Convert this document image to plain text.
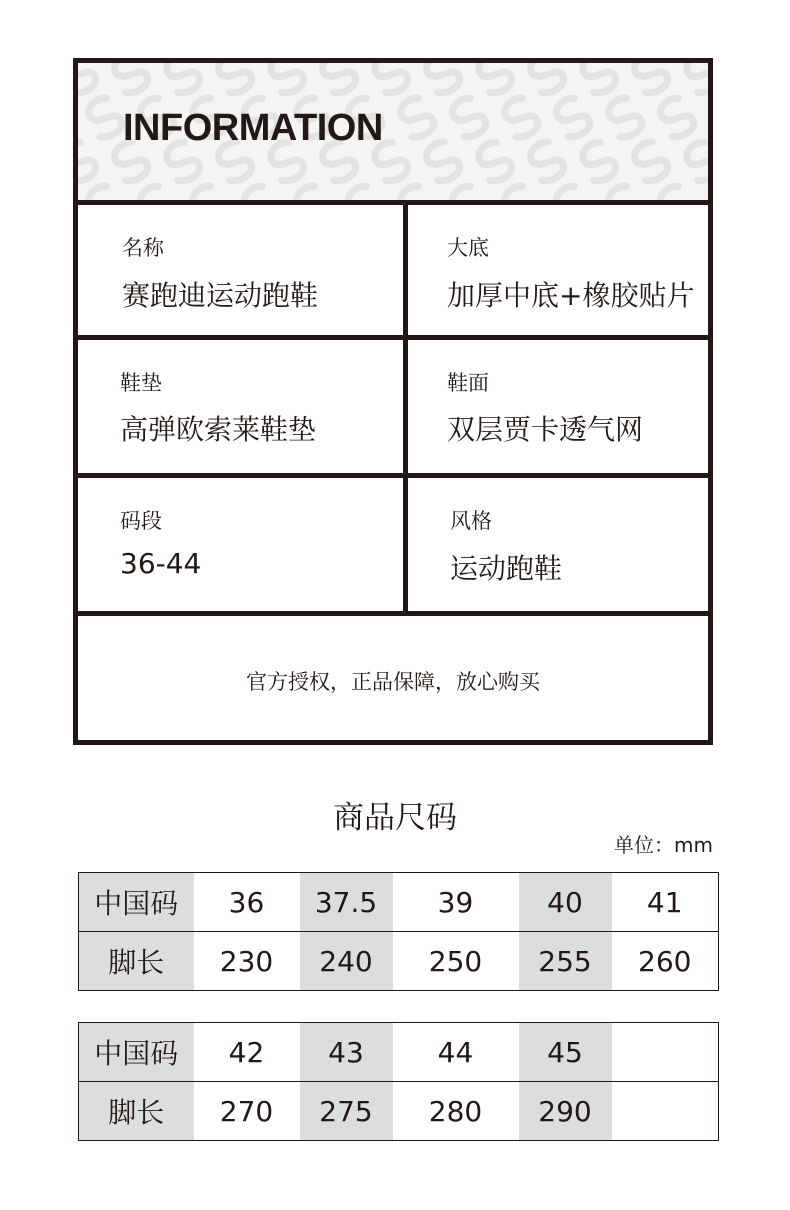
INFORMATION
名称
赛跑迪运动跑鞋
大底
加厚中底+橡胶贴片
鞋垫
高弹欧索莱鞋垫
鞋面
双层贾卡透气网
码段
36-44
风格
运动跑鞋
官方授权，正品保障，放心购买
商品尺码
单位：mm
中国码	36	37.5	39	40	41
脚长	230	240	250	255	260
中国码	42	43	44	45	
脚长	270	275	280	290	
